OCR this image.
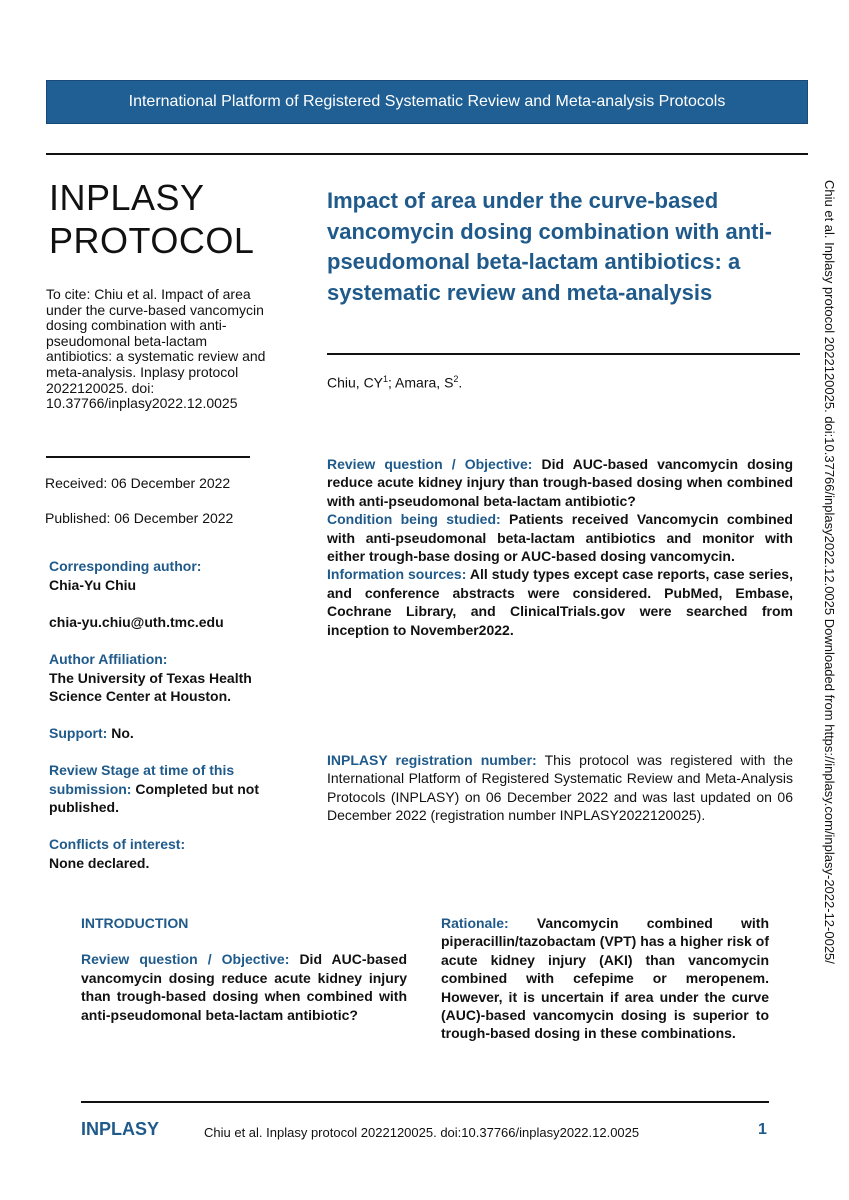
International Platform of Registered Systematic Review and Meta-analysis Protocols
INPLASY
PROTOCOL
To cite: Chiu et al. Impact of area under the curve-based vancomycin dosing combination with anti-pseudomonal beta-lactam antibiotics: a systematic review and meta-analysis. Inplasy protocol 2022120025. doi: 10.37766/inplasy2022.12.0025
Received: 06 December 2022
Published: 06 December 2022
Corresponding author:
Chia-Yu Chiu
chia-yu.chiu@uth.tmc.edu
Author Affiliation:
The University of Texas Health Science Center at Houston.
Support: No.
Review Stage at time of this submission: Completed but not published.
Conflicts of interest:
None declared.
Impact of area under the curve-based vancomycin dosing combination with anti-pseudomonal beta-lactam antibiotics: a systematic review and meta-analysis
Chiu, $CY^1$; Amara, $S^2$.
Review question / Objective: Did AUC-based vancomycin dosing reduce acute kidney injury than trough-based dosing when combined with anti-pseudomonal beta-lactam antibiotic?
Condition being studied: Patients received Vancomycin combined with anti-pseudomonal beta-lactam antibiotics and monitor with either trough-base dosing or AUC-based dosing vancomycin.
Information sources: All study types except case reports, case series, and conference abstracts were considered. PubMed, Embase, Cochrane Library, and ClinicalTrials.gov were searched from inception to November2022.
INPLASY registration number: This protocol was registered with the International Platform of Registered Systematic Review and Meta-Analysis Protocols (INPLASY) on 06 December 2022 and was last updated on 06 December 2022 (registration number INPLASY2022120025).
INTRODUCTION
Review question / Objective: Did AUC-based vancomycin dosing reduce acute kidney injury than trough-based dosing when combined with anti-pseudomonal beta-lactam antibiotic?
Rationale: Vancomycin combined with piperacillin/tazobactam (VPT) has a higher risk of acute kidney injury (AKI) than vancomycin combined with cefepime or meropenem. However, it is uncertain if area under the curve (AUC)-based vancomycin dosing is superior to trough-based dosing in these combinations.
Chiu et al. Inplasy protocol 2022120025. doi:10.37766/inplasy2022.12.0025 Downloaded from https://inplasy.com/inplasy-2022-12-0025/
INPLASY	Chiu et al. Inplasy protocol 2022120025. doi:10.37766/inplasy2022.12.0025	1
